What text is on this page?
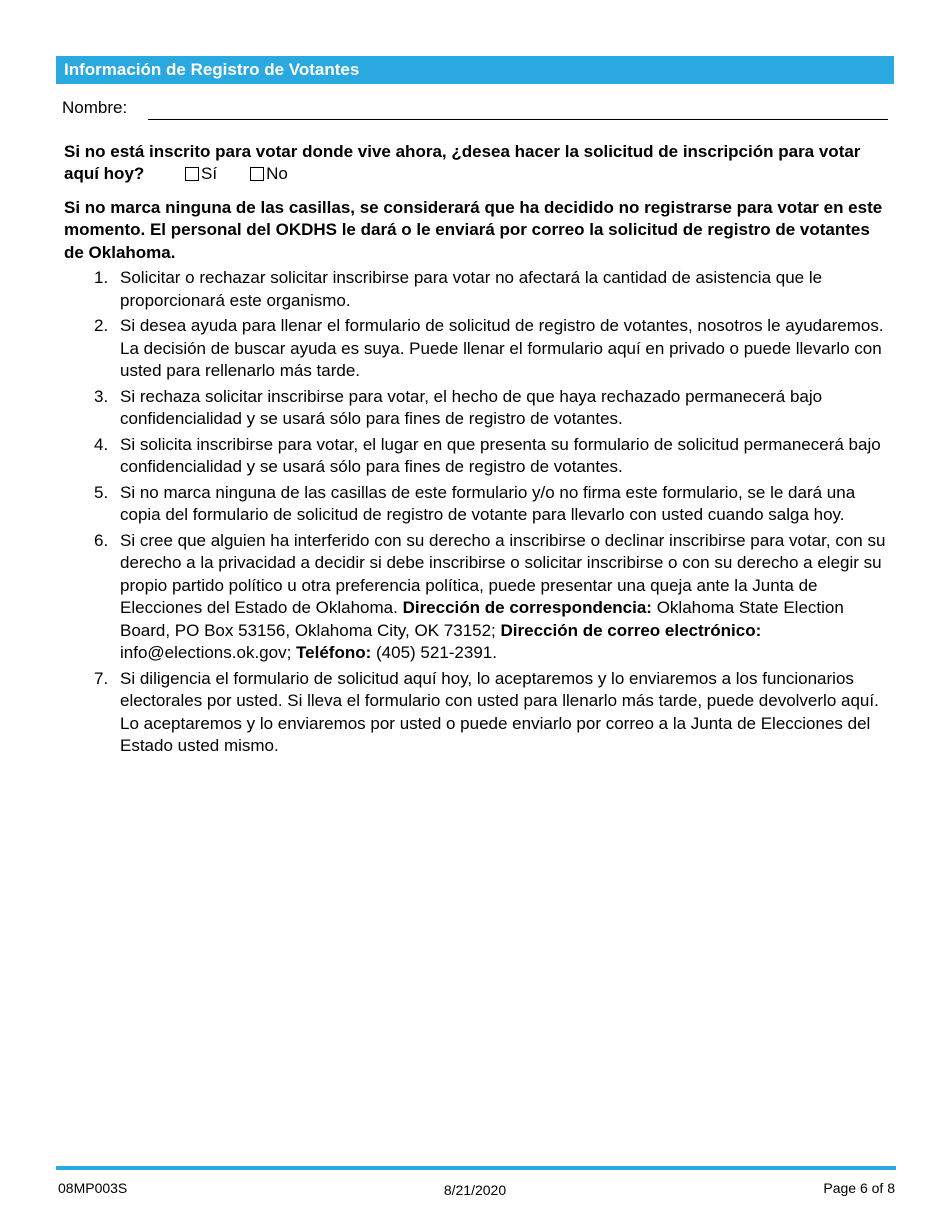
Información de Registro de Votantes
Nombre:
Si no está inscrito para votar donde vive ahora, ¿desea hacer la solicitud de inscripción para votar aquí hoy?	Sí	No
Si no marca ninguna de las casillas, se considerará que ha decidido no registrarse para votar en este momento. El personal del OKDHS le dará o le enviará por correo la solicitud de registro de votantes de Oklahoma.
1. Solicitar o rechazar solicitar inscribirse para votar no afectará la cantidad de asistencia que le proporcionará este organismo.
2. Si desea ayuda para llenar el formulario de solicitud de registro de votantes, nosotros le ayudaremos. La decisión de buscar ayuda es suya. Puede llenar el formulario aquí en privado o puede llevarlo con usted para rellenarlo más tarde.
3. Si rechaza solicitar inscribirse para votar, el hecho de que haya rechazado permanecerá bajo confidencialidad y se usará sólo para fines de registro de votantes.
4. Si solicita inscribirse para votar, el lugar en que presenta su formulario de solicitud permanecerá bajo confidencialidad y se usará sólo para fines de registro de votantes.
5. Si no marca ninguna de las casillas de este formulario y/o no firma este formulario, se le dará una copia del formulario de solicitud de registro de votante para llevarlo con usted cuando salga hoy.
6. Si cree que alguien ha interferido con su derecho a inscribirse o declinar inscribirse para votar, con su derecho a la privacidad a decidir si debe inscribirse o solicitar inscribirse o con su derecho a elegir su propio partido político u otra preferencia política, puede presentar una queja ante la Junta de Elecciones del Estado de Oklahoma. Dirección de correspondencia: Oklahoma State Election Board, PO Box 53156, Oklahoma City, OK 73152; Dirección de correo electrónico:  info@elections.ok.gov; Teléfono: (405) 521-2391.
7. Si diligencia el formulario de solicitud aquí hoy, lo aceptaremos y lo enviaremos a los funcionarios electorales por usted. Si lleva el formulario con usted para llenarlo más tarde, puede devolverlo aquí. Lo aceptaremos y lo enviaremos por usted o puede enviarlo por correo a la Junta de Elecciones del Estado usted mismo.
08MP003S	8/21/2020	Page 6 of 8
